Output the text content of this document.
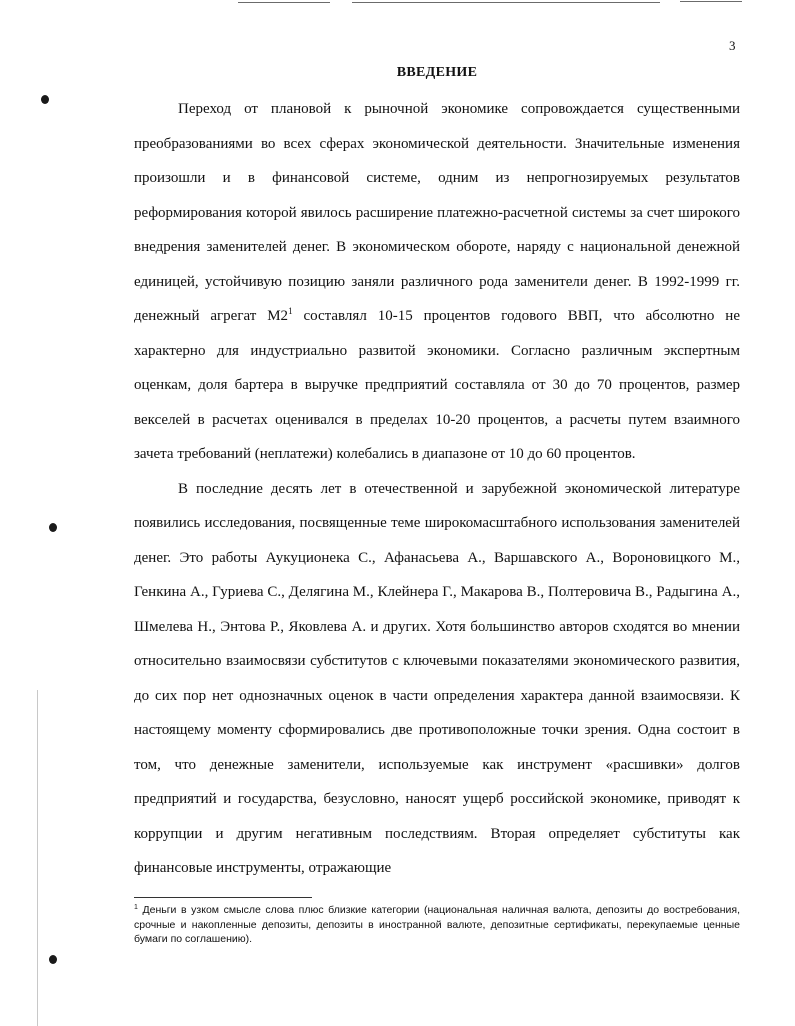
3
ВВЕДЕНИЕ

Переход от плановой к рыночной экономике сопровождается существенными преобразованиями во всех сферах экономической деятельности. Значительные изменения произошли и в финансовой системе, одним из непрогнозируемых результатов реформирования которой явилось расширение платежно-расчетной системы за счет широкого внедрения заменителей денег. В экономическом обороте, наряду с национальной денежной единицей, устойчивую позицию заняли различного рода заменители денег. В 1992-1999 гг. денежный агрегат $М2^1$ составлял 10-15 процентов годового ВВП, что абсолютно не характерно для индустриально развитой экономики. Согласно различным экспертным оценкам, доля бартера в выручке предприятий составляла от 30 до 70 процентов, размер векселей в расчетах оценивался в пределах 10-20 процентов, а расчеты путем взаимного зачета требований (неплатежи) колебались в диапазоне от 10 до 60 процентов.

В последние десять лет в отечественной и зарубежной экономической литературе появились исследования, посвященные теме широкомасштабного использования заменителей денег. Это работы Аукуционека С., Афанасьева А., Варшавского А., Вороновицкого М., Генкина А., Гуриева С., Делягина М., Клейнера Г., Макарова В., Полтеровича В., Радыгина А., Шмелева Н., Энтова Р., Яковлева А. и других. Хотя большинство авторов сходятся во мнении относительно взаимосвязи субститутов с ключевыми показателями экономического развития, до сих пор нет однозначных оценок в части определения характера данной взаимосвязи. К настоящему моменту сформировались две противоположные точки зрения. Одна состоит в том, что денежные заменители, используемые как инструмент «расшивки» долгов предприятий и государства, безусловно, наносят ущерб российской экономике, приводят к коррупции и другим негативным последствиям. Вторая определяет субституты как финансовые инструменты, отражающие

$^1$ Деньги в узком смысле слова плюс близкие категории (национальная наличная валюта, депозиты до востребования, срочные и накопленные депозиты, депозиты в иностранной валюте, депозитные сертификаты, перекупаемые ценные бумаги по соглашению).
